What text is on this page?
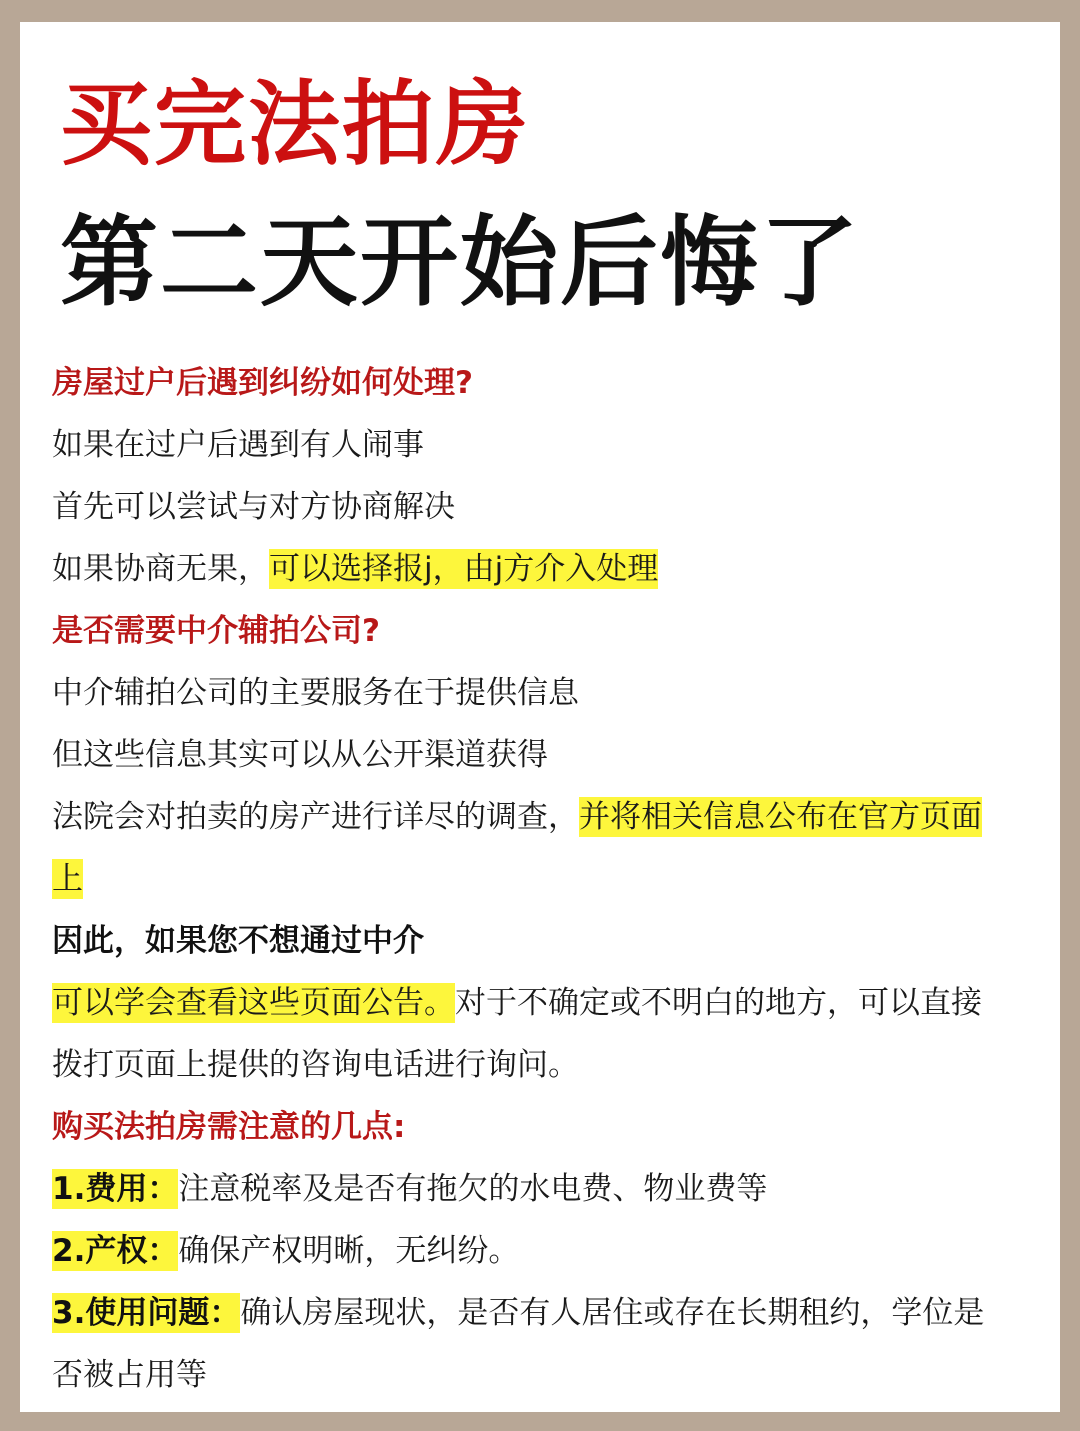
买完法拍房
第二天开始后悔了
房屋过户后遇到纠纷如何处理?
如果在过户后遇到有人闹事
首先可以尝试与对方协商解决
如果协商无果，可以选择报j，由j方介入处理
是否需要中介辅拍公司?
中介辅拍公司的主要服务在于提供信息
但这些信息其实可以从公开渠道获得
法院会对拍卖的房产进行详尽的调查，并将相关信息公布在官方页面
上
因此，如果您不想通过中介
可以学会查看这些页面公告。对于不确定或不明白的地方，可以直接
拨打页面上提供的咨询电话进行询问。
购买法拍房需注意的几点:
1.费用：注意税率及是否有拖欠的水电费、物业费等
2.产权：确保产权明晰，无纠纷。
3.使用问题：确认房屋现状，是否有人居住或存在长期租约，学位是
否被占用等
